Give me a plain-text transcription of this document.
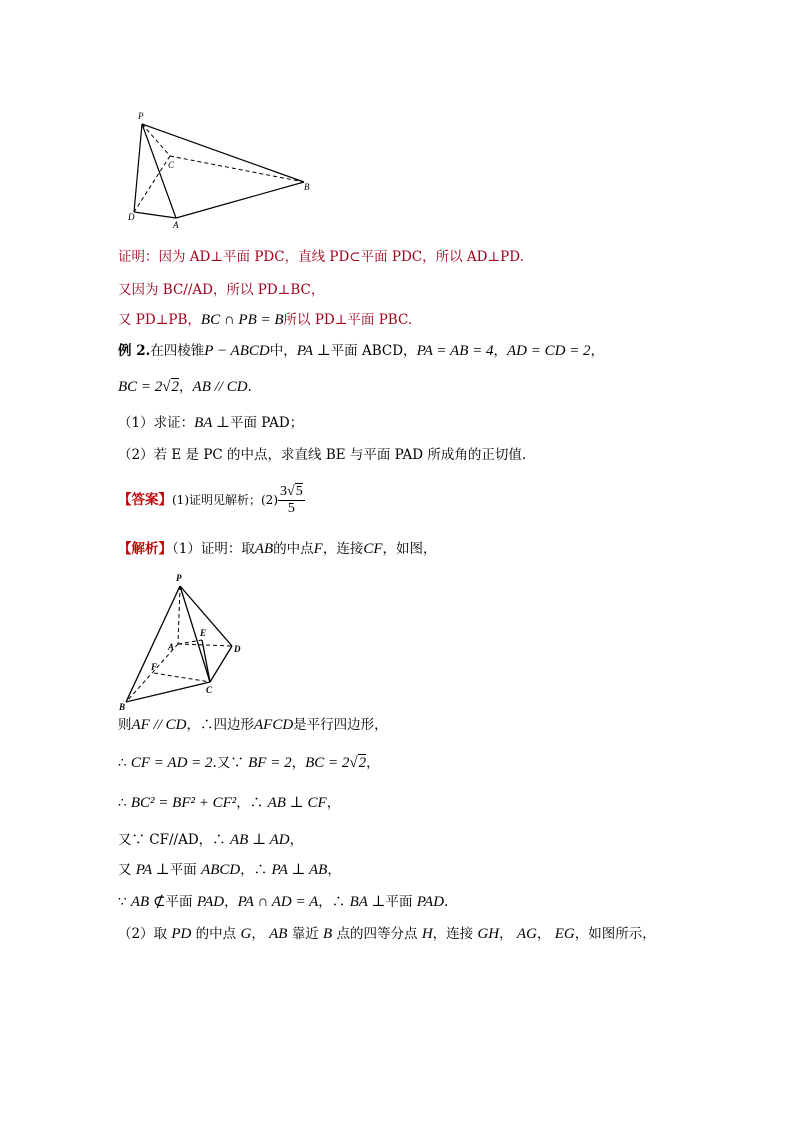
P
C
B
D
A
证明：因为 AD⊥平面 PDC，直线 PD⊂平面 PDC，所以 AD⊥PD.
又因为 BC//AD，所以 PD⊥BC，
又 PD⊥PB，BC ∩ PB = B所以 PD⊥平面 PBC.
例 2.在四棱锥P − ABCD中，PA ⊥平面 ABCD，PA = AB = 4，AD = CD = 2，
BC = 2√2，AB // CD.
（1）求证：BA ⊥平面 PAD；
（2）若 E 是 PC 的中点，求直线 BE 与平面 PAD 所成角的正切值.
【答案】(1)证明见解析；$(2) \frac{3√5}{5}$
【解析】（1）证明：取AB的中点F，连接CF，如图，
P
E
A	D
F
C
B
则AF // CD，∴四边形AFCD是平行四边形，
∴ CF = AD = 2.又∵ BF = 2，BC = 2√2，
∴ BC² = BF² + CF²，∴ AB ⊥ CF，
又∵ CF//AD，∴ AB ⊥ AD，
又 PA ⊥平面 ABCD，∴ PA ⊥ AB，
∵ AB ⊄平面 PAD，PA ∩ AD = A，∴ BA ⊥平面 PAD.
（2）取 PD 的中点 G， AB 靠近 B 点的四等分点 H，连接 GH， AG， EG，如图所示，
